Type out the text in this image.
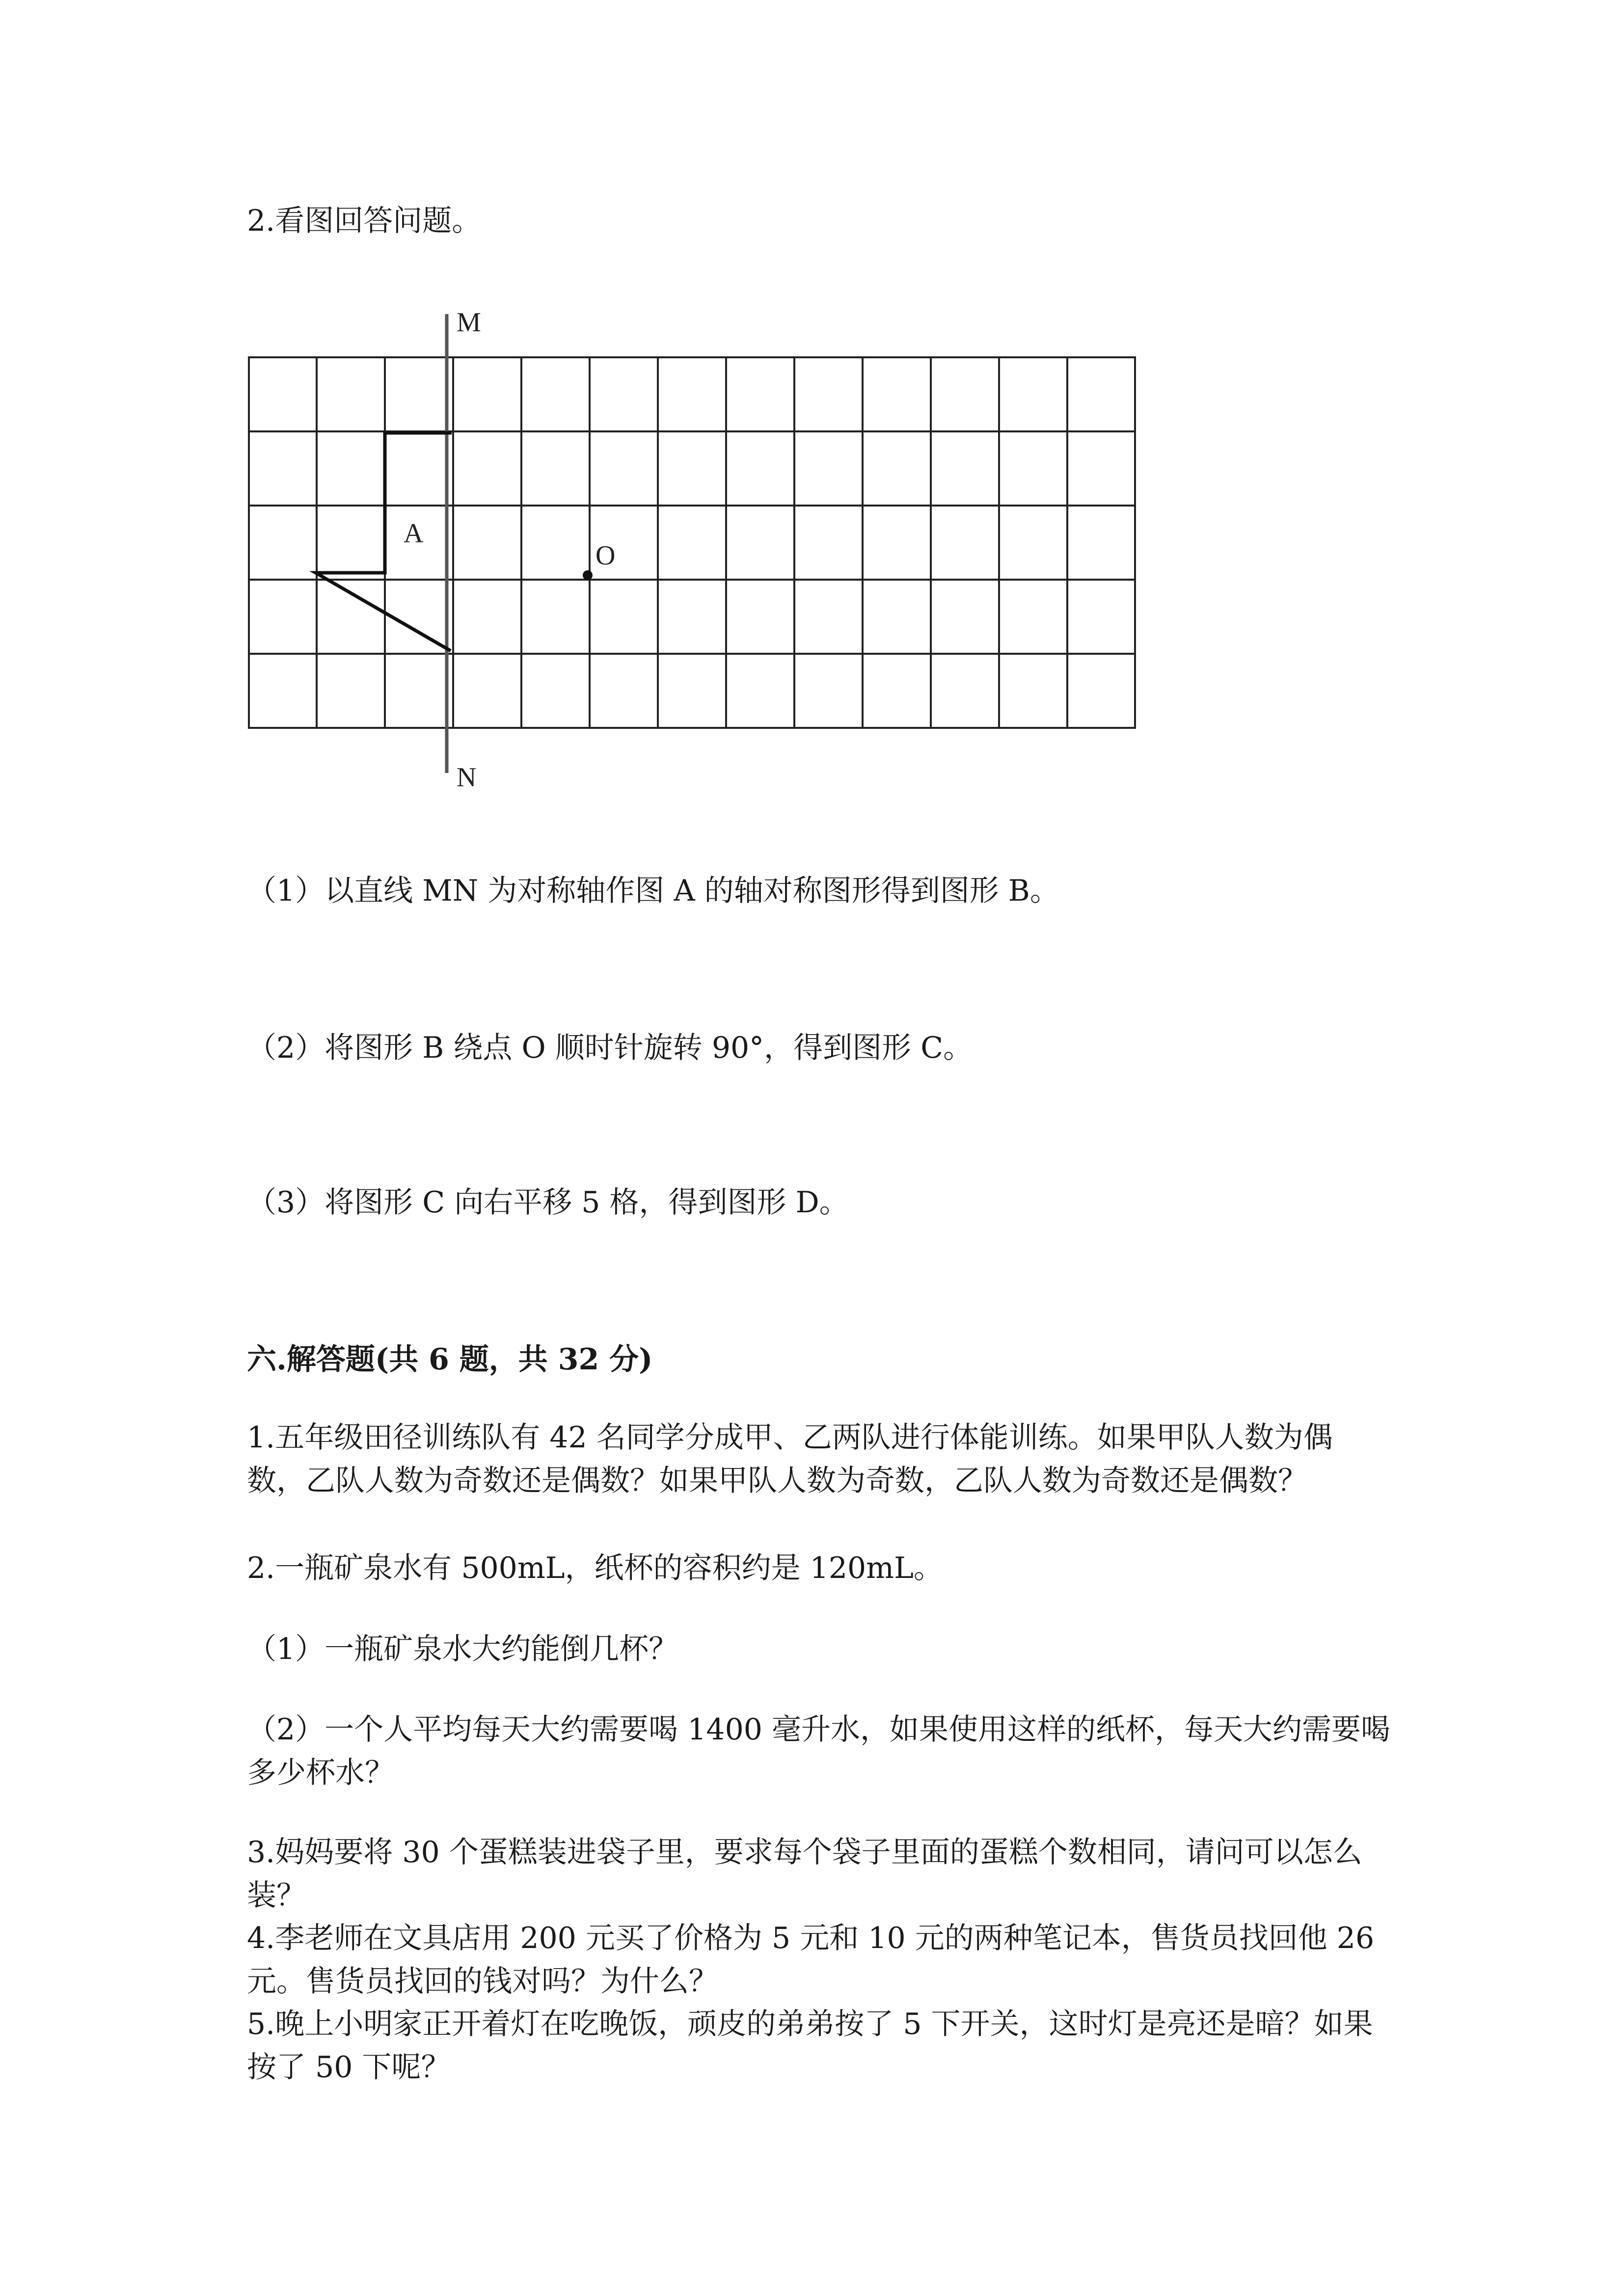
2.看图回答问题。

M
N
A
O

（1）以直线 MN 为对称轴作图 A 的轴对称图形得到图形 B。

（2）将图形 B 绕点 O 顺时针旋转 90°，得到图形 C。

（3）将图形 C 向右平移 5 格，得到图形 D。

六.解答题(共 6 题，共 32 分)

1.五年级田径训练队有 42 名同学分成甲、乙两队进行体能训练。如果甲队人数为偶数，乙队人数为奇数还是偶数？如果甲队人数为奇数，乙队人数为奇数还是偶数？

2.一瓶矿泉水有 500mL，纸杯的容积约是 120mL。

（1）一瓶矿泉水大约能倒几杯？

（2）一个人平均每天大约需要喝 1400 毫升水，如果使用这样的纸杯，每天大约需要喝多少杯水？

3.妈妈要将 30 个蛋糕装进袋子里，要求每个袋子里面的蛋糕个数相同，请问可以怎么装？

4.李老师在文具店用 200 元买了价格为 5 元和 10 元的两种笔记本，售货员找回他 26 元。售货员找回的钱对吗？为什么？

5.晚上小明家正开着灯在吃晚饭，顽皮的弟弟按了 5 下开关，这时灯是亮还是暗？如果按了 50 下呢？
